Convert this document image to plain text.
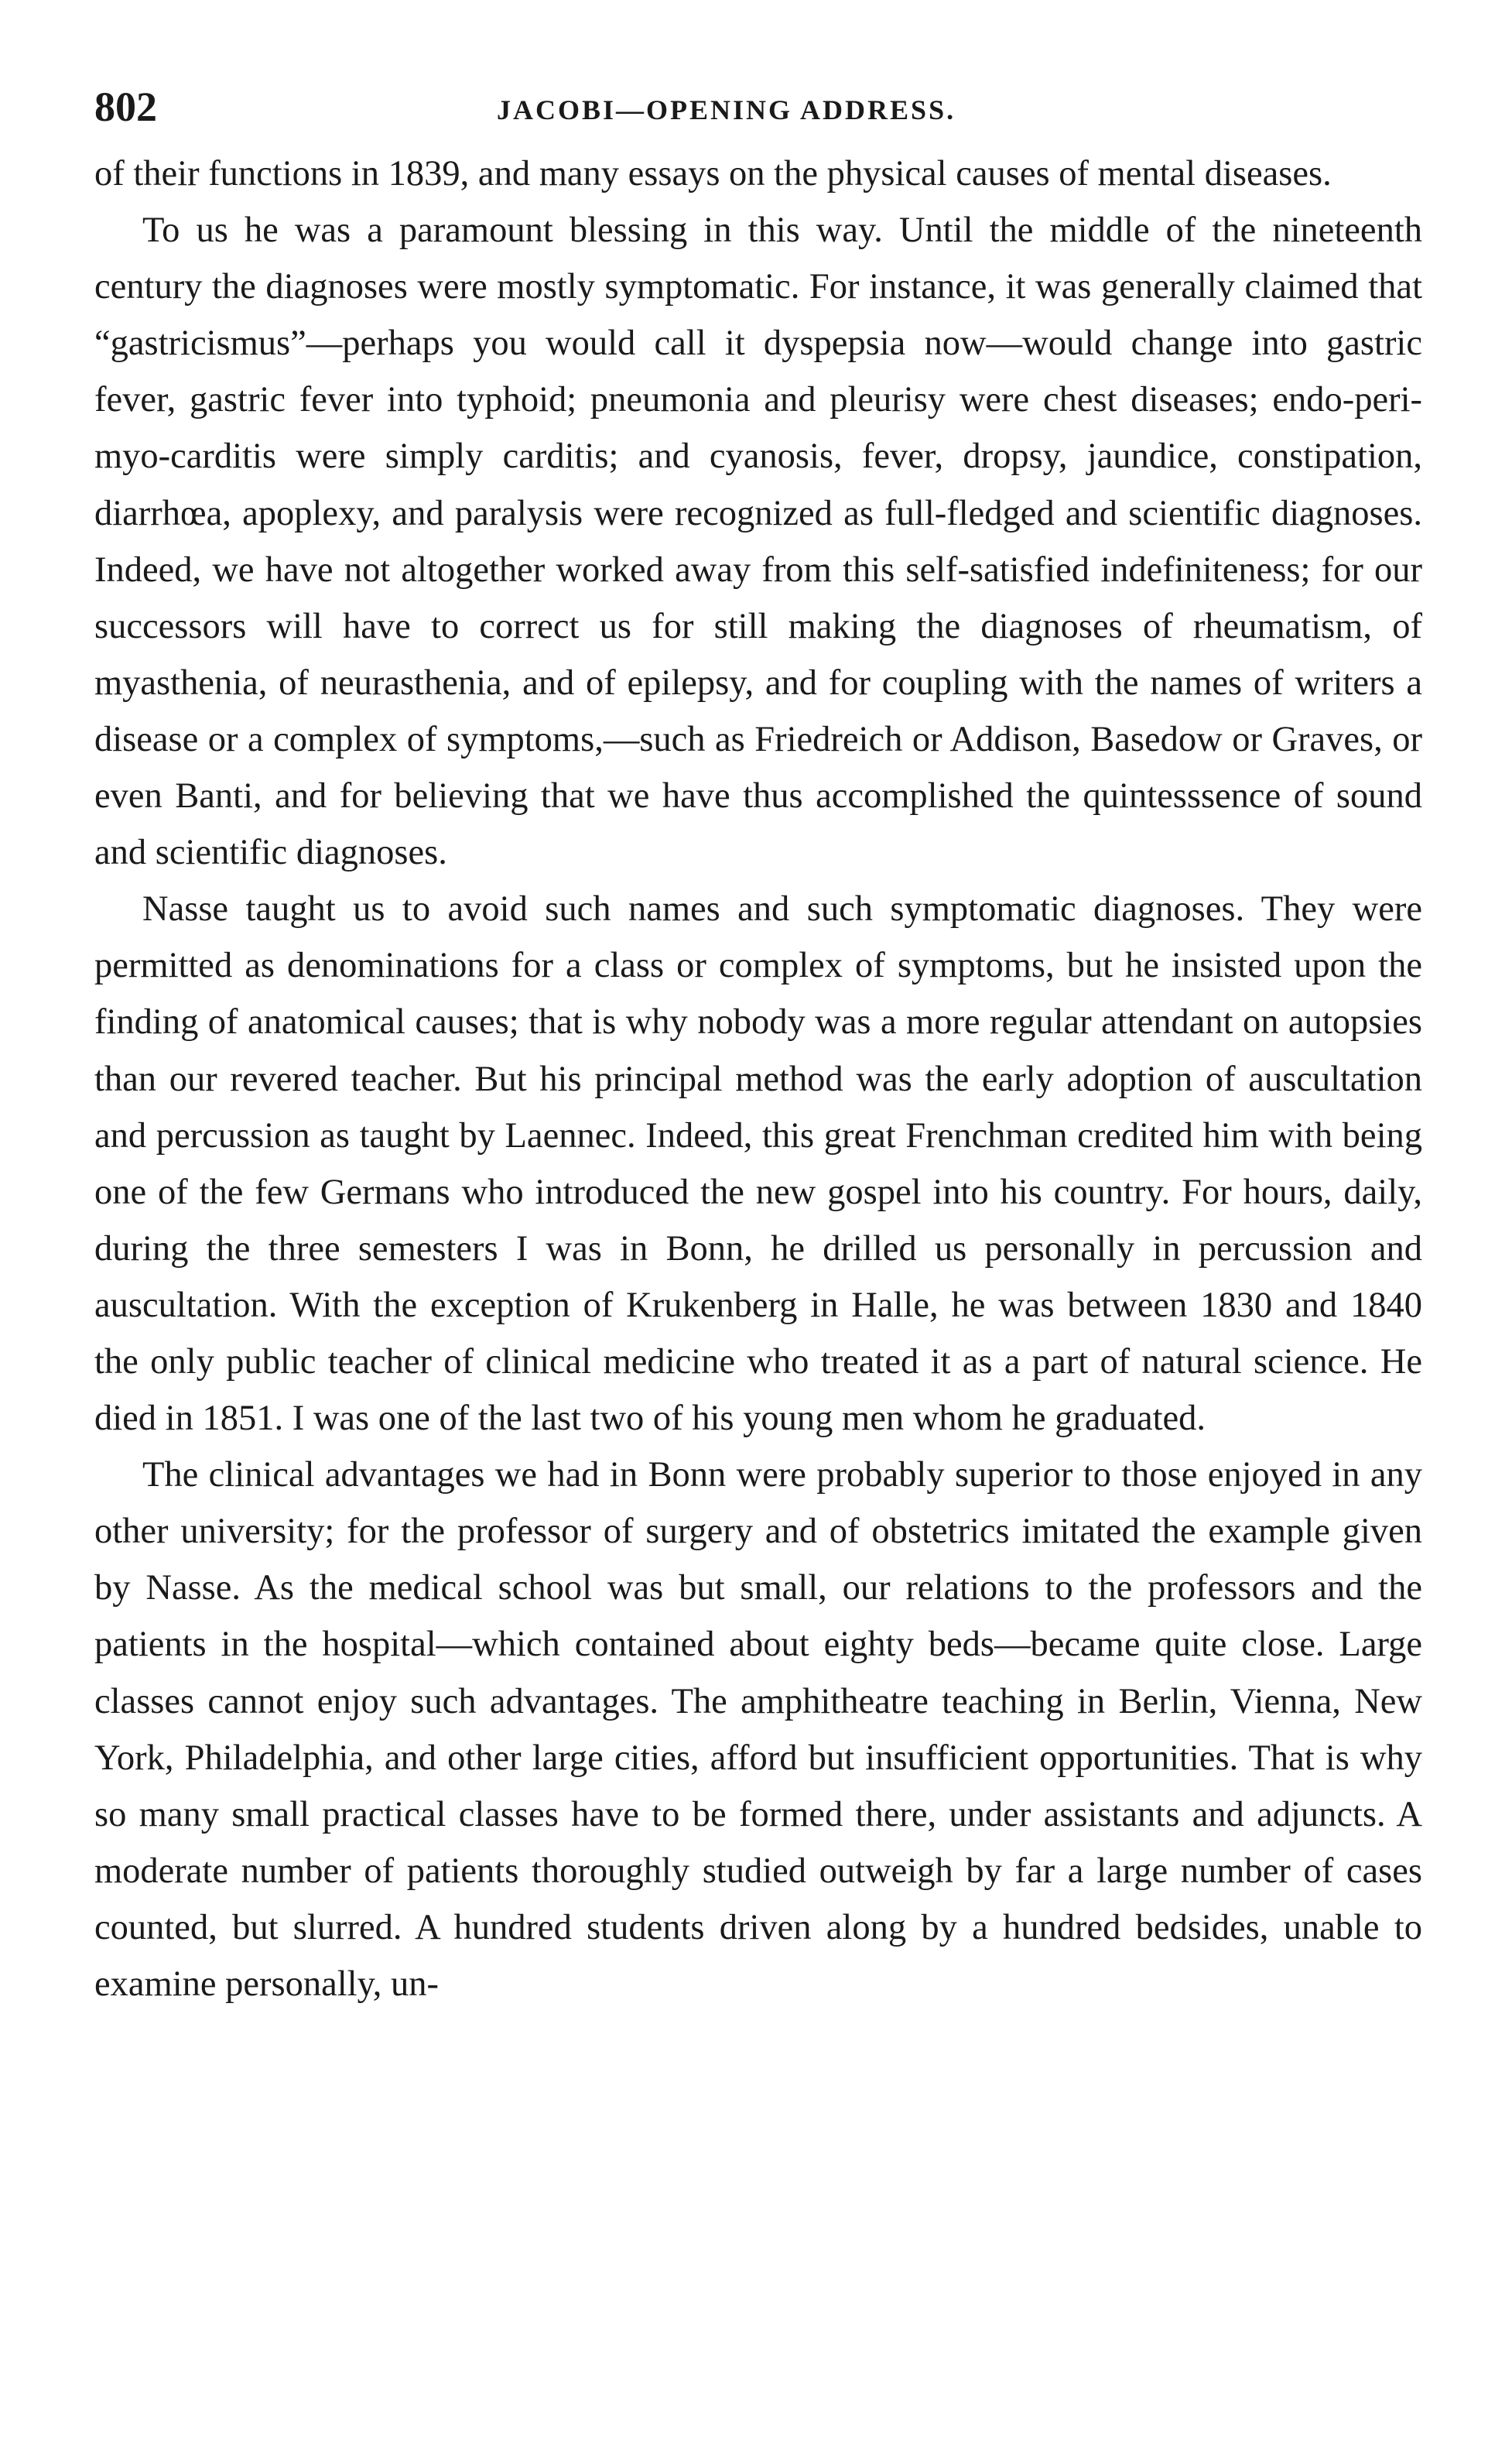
802	JACOBI—OPENING ADDRESS.

of their functions in 1839, and many essays on the physical causes of mental diseases.

To us he was a paramount blessing in this way. Until the middle of the nineteenth century the diagnoses were mostly symptomatic. For instance, it was generally claimed that “gastricismus”—perhaps you would call it dyspepsia now—would change into gastric fever, gastric fever into typhoid; pneumonia and pleurisy were chest diseases; endo-peri- myo-carditis were simply carditis; and cyanosis, fever, dropsy, jaundice, constipation, diarrhœa, apoplexy, and paralysis were recognized as full-fledged and scientific diagnoses. Indeed, we have not altogether worked away from this self-satisfied indefiniteness; for our successors will have to correct us for still making the diagnoses of rheumatism, of myasthenia, of neurasthenia, and of epilepsy, and for coupling with the names of writers a disease or a complex of symptoms,—such as Friedreich or Addison, Basedow or Graves, or even Banti, and for believing that we have thus accomplished the quintesssence of sound and scientific diagnoses.

Nasse taught us to avoid such names and such symptomatic diagnoses. They were permitted as denominations for a class or complex of symptoms, but he insisted upon the finding of anatomical causes; that is why nobody was a more regular attendant on autopsies than our revered teacher. But his principal method was the early adoption of auscultation and percussion as taught by Laennec. Indeed, this great Frenchman credited him with being one of the few Germans who introduced the new gospel into his country. For hours, daily, during the three semesters I was in Bonn, he drilled us personally in percussion and auscultation. With the exception of Krukenberg in Halle, he was between 1830 and 1840 the only public teacher of clinical medicine who treated it as a part of natural science. He died in 1851. I was one of the last two of his young men whom he graduated.

The clinical advantages we had in Bonn were probably superior to those enjoyed in any other university; for the professor of surgery and of obstetrics imitated the example given by Nasse. As the medical school was but small, our relations to the professors and the patients in the hospital—which contained about eighty beds—became quite close. Large classes cannot enjoy such advantages. The amphitheatre teaching in Berlin, Vienna, New York, Philadelphia, and other large cities, afford but insufficient opportunities. That is why so many small practical classes have to be formed there, under assistants and adjuncts. A moderate number of patients thoroughly studied outweigh by far a large number of cases counted, but slurred. A hundred students driven along by a hundred bedsides, unable to examine personally, un-
